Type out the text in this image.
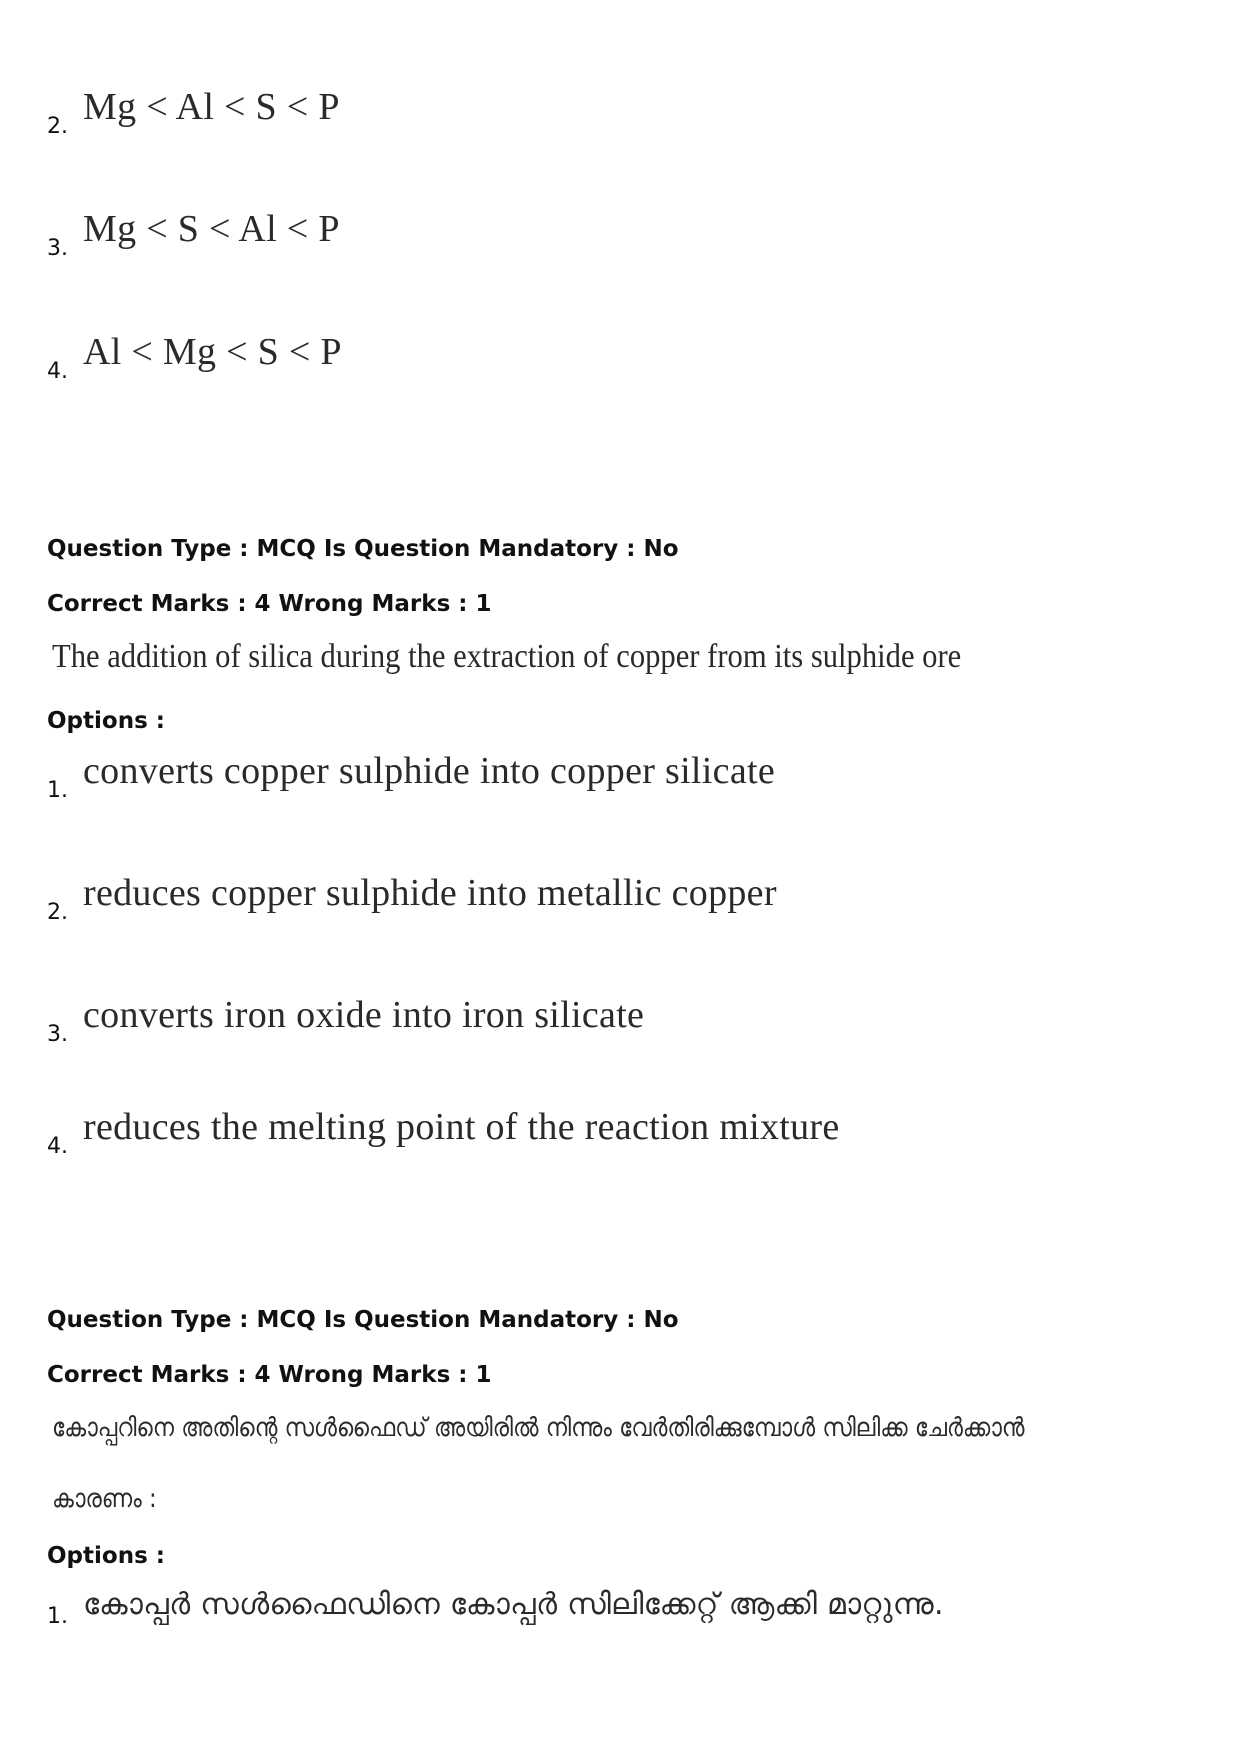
2. Mg < Al < S < P
3. Mg < S < Al < P
4. Al < Mg < S < P
Question Type : MCQ Is Question Mandatory : No
Correct Marks : 4 Wrong Marks : 1
The addition of silica during the extraction of copper from its sulphide ore
Options :
1. converts copper sulphide into copper silicate
2. reduces copper sulphide into metallic copper
3. converts iron oxide into iron silicate
4. reduces the melting point of the reaction mixture
Question Type : MCQ Is Question Mandatory : No
Correct Marks : 4 Wrong Marks : 1
കോപ്പറിനെ അതിന്റെ സൾഫൈഡ് അയിരിൽ നിന്നും വേർതിരിക്കുമ്പോൾ സിലിക്ക ചേർക്കാൻ
കാരണം :
Options :
1. കോപ്പർ സൾഫൈഡിനെ കോപ്പർ സിലിക്കേറ്റ് ആക്കി മാറ്റുന്നു.
